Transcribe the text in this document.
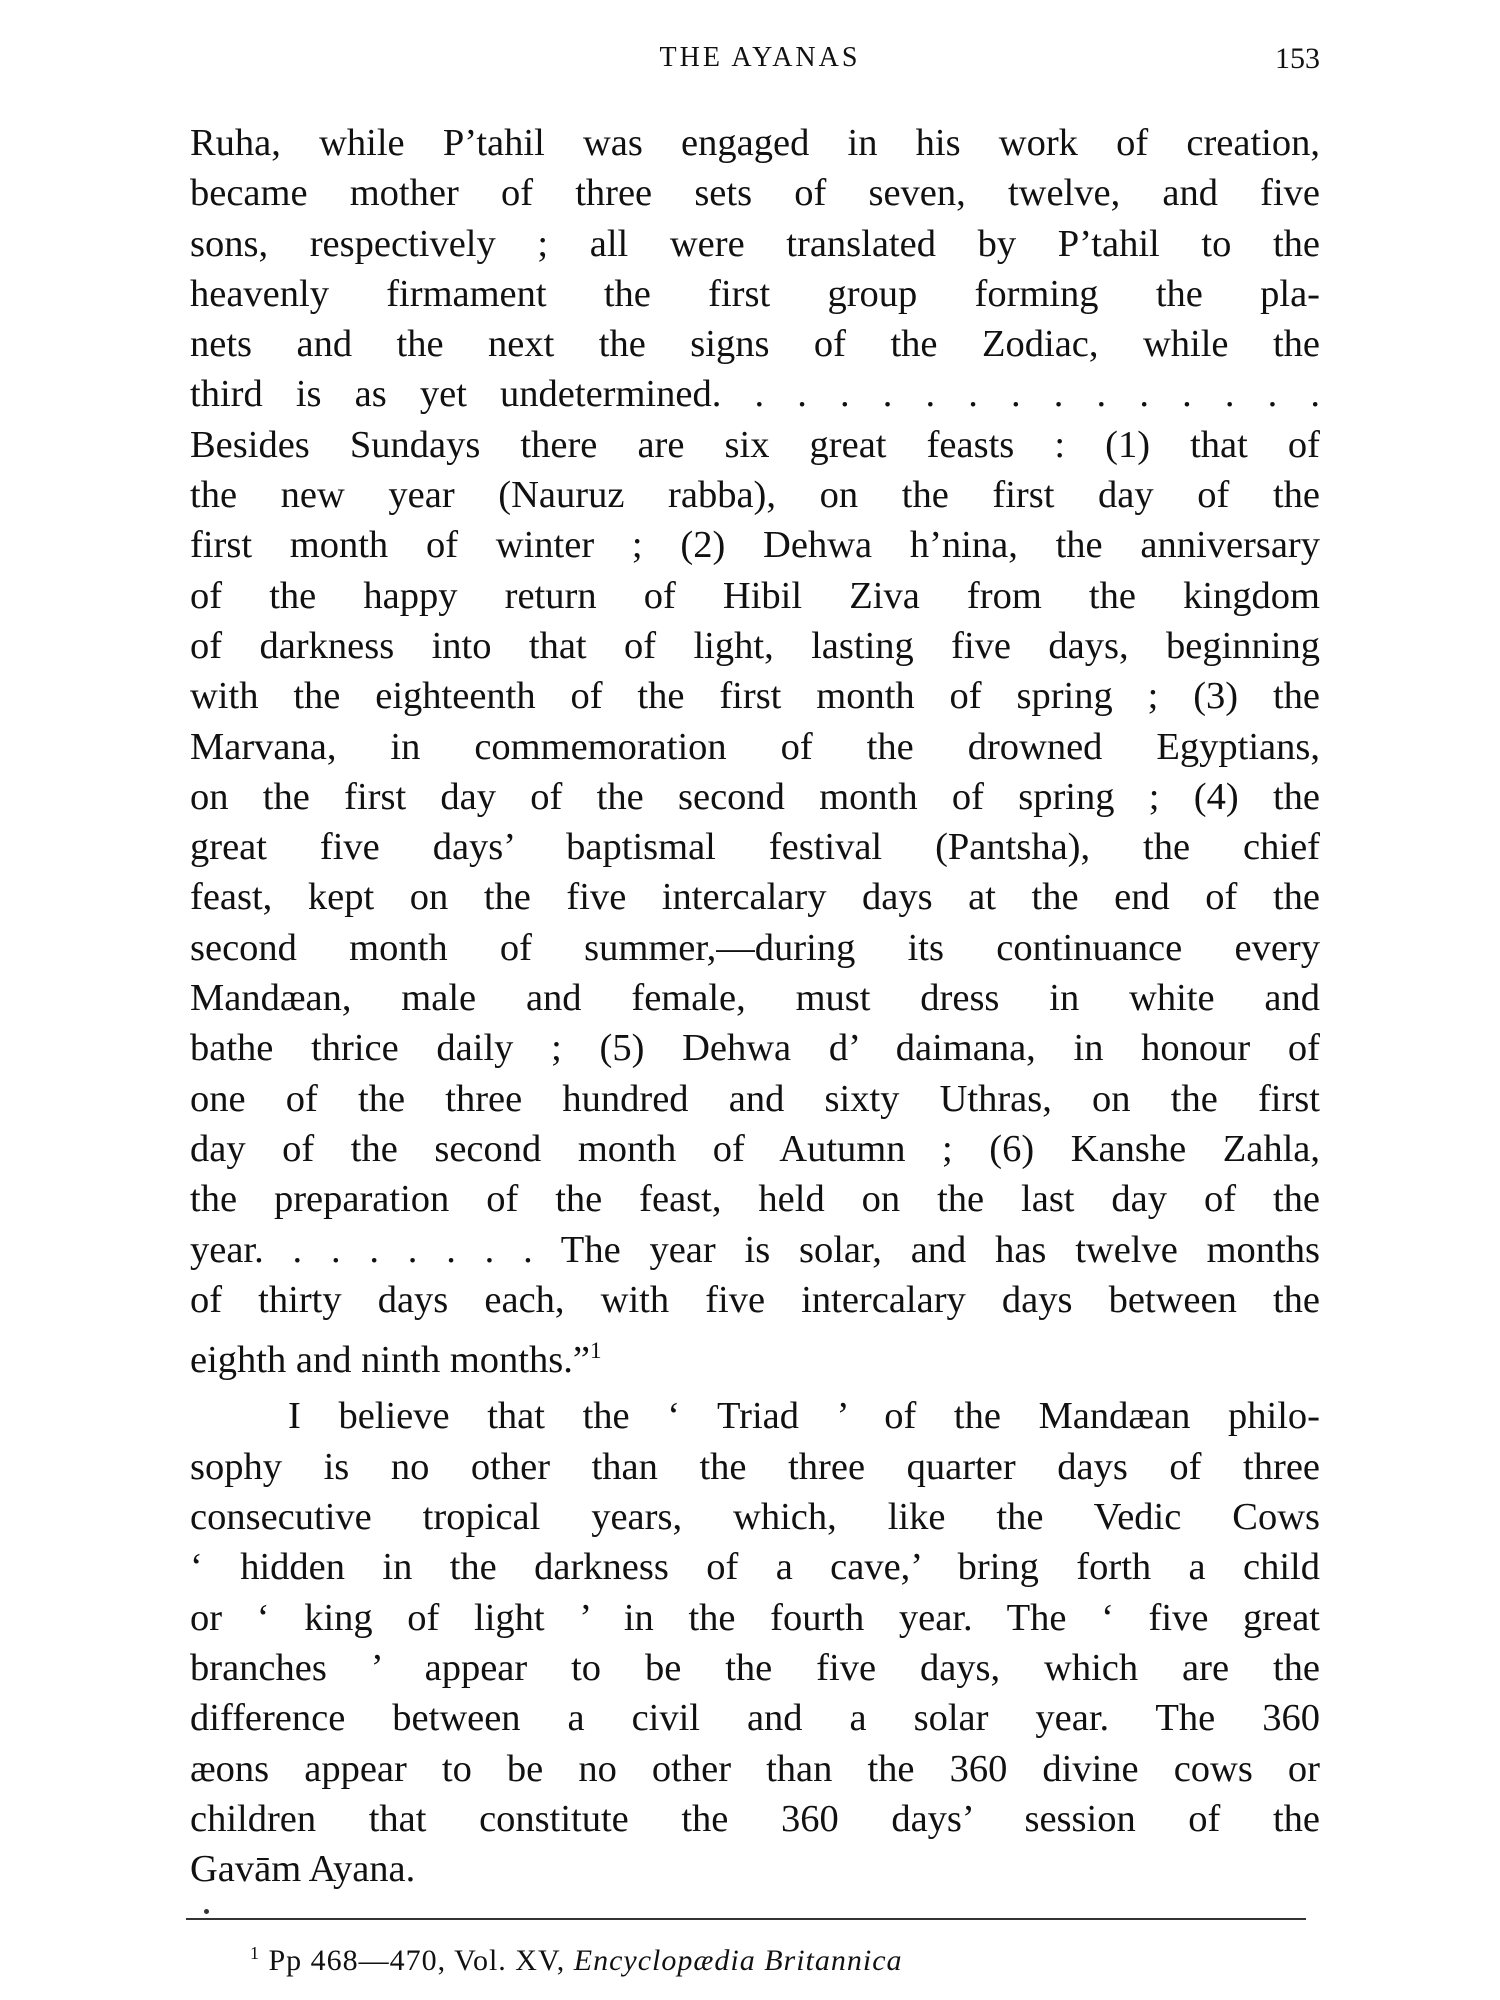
THE AYANAS	153
Ruha, while P’tahil was engaged in his work of creation,
became mother of three sets of seven, twelve, and five
sons, respectively ; all were translated by P’tahil to the
heavenly firmament the first group forming the pla-
nets and the next the signs of the Zodiac, while the
third is as yet undetermined. . . . . . . . . . . . . . .
Besides Sundays there are six great feasts : (1) that of
the new year (Nauruz rabba), on the first day of the
first month of winter ; (2) Dehwa h’nina, the anniversary
of the happy return of Hibil Ziva from the kingdom
of darkness into that of light, lasting five days, beginning
with the eighteenth of the first month of spring ; (3) the
Marvana, in commemoration of the drowned Egyptians,
on the first day of the second month of spring ; (4) the
great five days’ baptismal festival (Pantsha), the chief
feast, kept on the five intercalary days at the end of the
second month of summer,—during its continuance every
Mandæan, male and female, must dress in white and
bathe thrice daily ; (5) Dehwa d’ daimana, in honour of
one of the three hundred and sixty Uthras, on the first
day of the second month of Autumn ; (6) Kanshe Zahla,
the preparation of the feast, held on the last day of the
year. . . . . . . . The year is solar, and has twelve months
of thirty days each, with five intercalary days between the
eighth and ninth months.”$^1$
I believe that the ‘ Triad ’ of the Mandæan philo-
sophy is no other than the three quarter days of three
consecutive tropical years, which, like the Vedic Cows
‘ hidden in the darkness of a cave,’ bring forth a child
or ‘ king of light ’ in the fourth year. The ‘ five great
branches ’ appear to be the five days, which are the
difference between a civil and a solar year. The 360
æons appear to be no other than the 360 divine cows or
children that constitute the 360 days’ session of the
Gavām Ayana.
$^1$ Pp 468—470, Vol. XV, Encyclopædia Britannica
